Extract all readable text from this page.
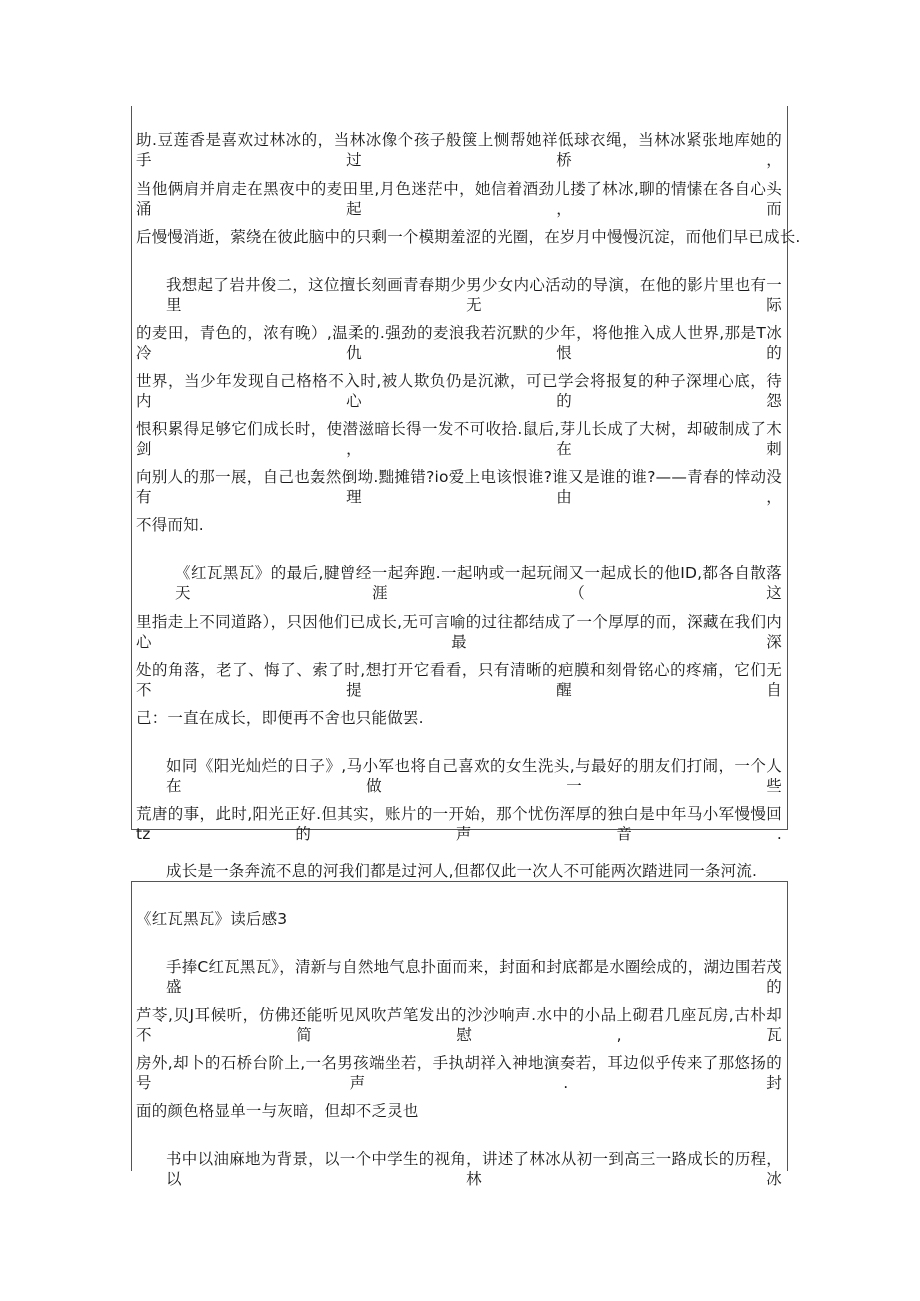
助.豆莲香是喜欢过林冰的，当林冰像个孩子般箧上恻帮她祥低球衣绳，当林冰紧张地库她的手过桥，
当他俩肩并肩走在黑夜中的麦田里,月色迷茫中，她信着酒劲儿搂了林冰,聊的情愫在各自心头涌起，而
后慢慢消逝，萦绕在彼此脑中的只剩一个模期羞涩的光圈，在岁月中慢慢沉淀，而他们早已成长.
我想起了岩井俊二，这位擅长刻画青春期少男少女内心活动的导演，在他的影片里也有一里无际
的麦田，青色的，浓有晚）,温柔的.强劲的麦浪我若沉默的少年，将他推入成人世界,那是T冰冷仇恨的
世界，当少年发现自己格格不入时,被人欺负仍是沉漱，可已学会将报复的种子深埋心底，待内心的怨
恨积累得足够它们成长时，使潜滋暗长得一发不可收拾.鼠后,芽儿长成了大树，却破制成了木剑，在刺
向别人的那一展，自己也轰然倒坳.黜摊错?io爱上电该恨谁?谁又是谁的谁?——青春的悻动没有理由，
不得而知.
《红瓦黑瓦》的最后,腱曾经一起奔跑.一起呐或一起玩闹又一起成长的他ID,都各自散落天涯（这
里指走上不同道路），只因他们已成长,无可言喻的过往都结成了一个厚厚的而，深藏在我们内心最深
处的角落，老了、悔了、索了时,想打开它看看，只有清晰的疤膜和刻骨铭心的疼痛，它们无不提醒自
己：一直在成长，即便再不舍也只能做罢.
如同《阳光灿烂的日子》,马小军也将自己喜欢的女生洗头,与最好的朋友们打闹，一个人在做一些
荒唐的事，此时,阳光正好.但其实，账片的一开始，那个忧伤浑厚的独白是中年马小军慢慢回tz的声音.
成长是一条奔流不息的河我们都是过河人,但都仅此一次人不可能两次踏进同一条河流.
《红瓦黑瓦》读后感3
手捧C红瓦黑瓦》，清新与自然地气息扑面而来，封面和封底都是水圈绘成的，湖边围若茂盛的
芦苓,贝J耳候听，仿佛还能听见风吹芦笔发出的沙沙响声.水中的小品上砌君几座瓦房,古朴却不简慰,瓦
房外,却卜的石桥台阶上,一名男孩端坐若，手执胡祥入神地演奏若，耳边似乎传来了那悠扬的号声.封
面的颜色格显单一与灰暗，但却不乏灵也
书中以油麻地为背景，以一个中学生的视角，讲述了林冰从初一到高三一路成长的历程，以林冰
